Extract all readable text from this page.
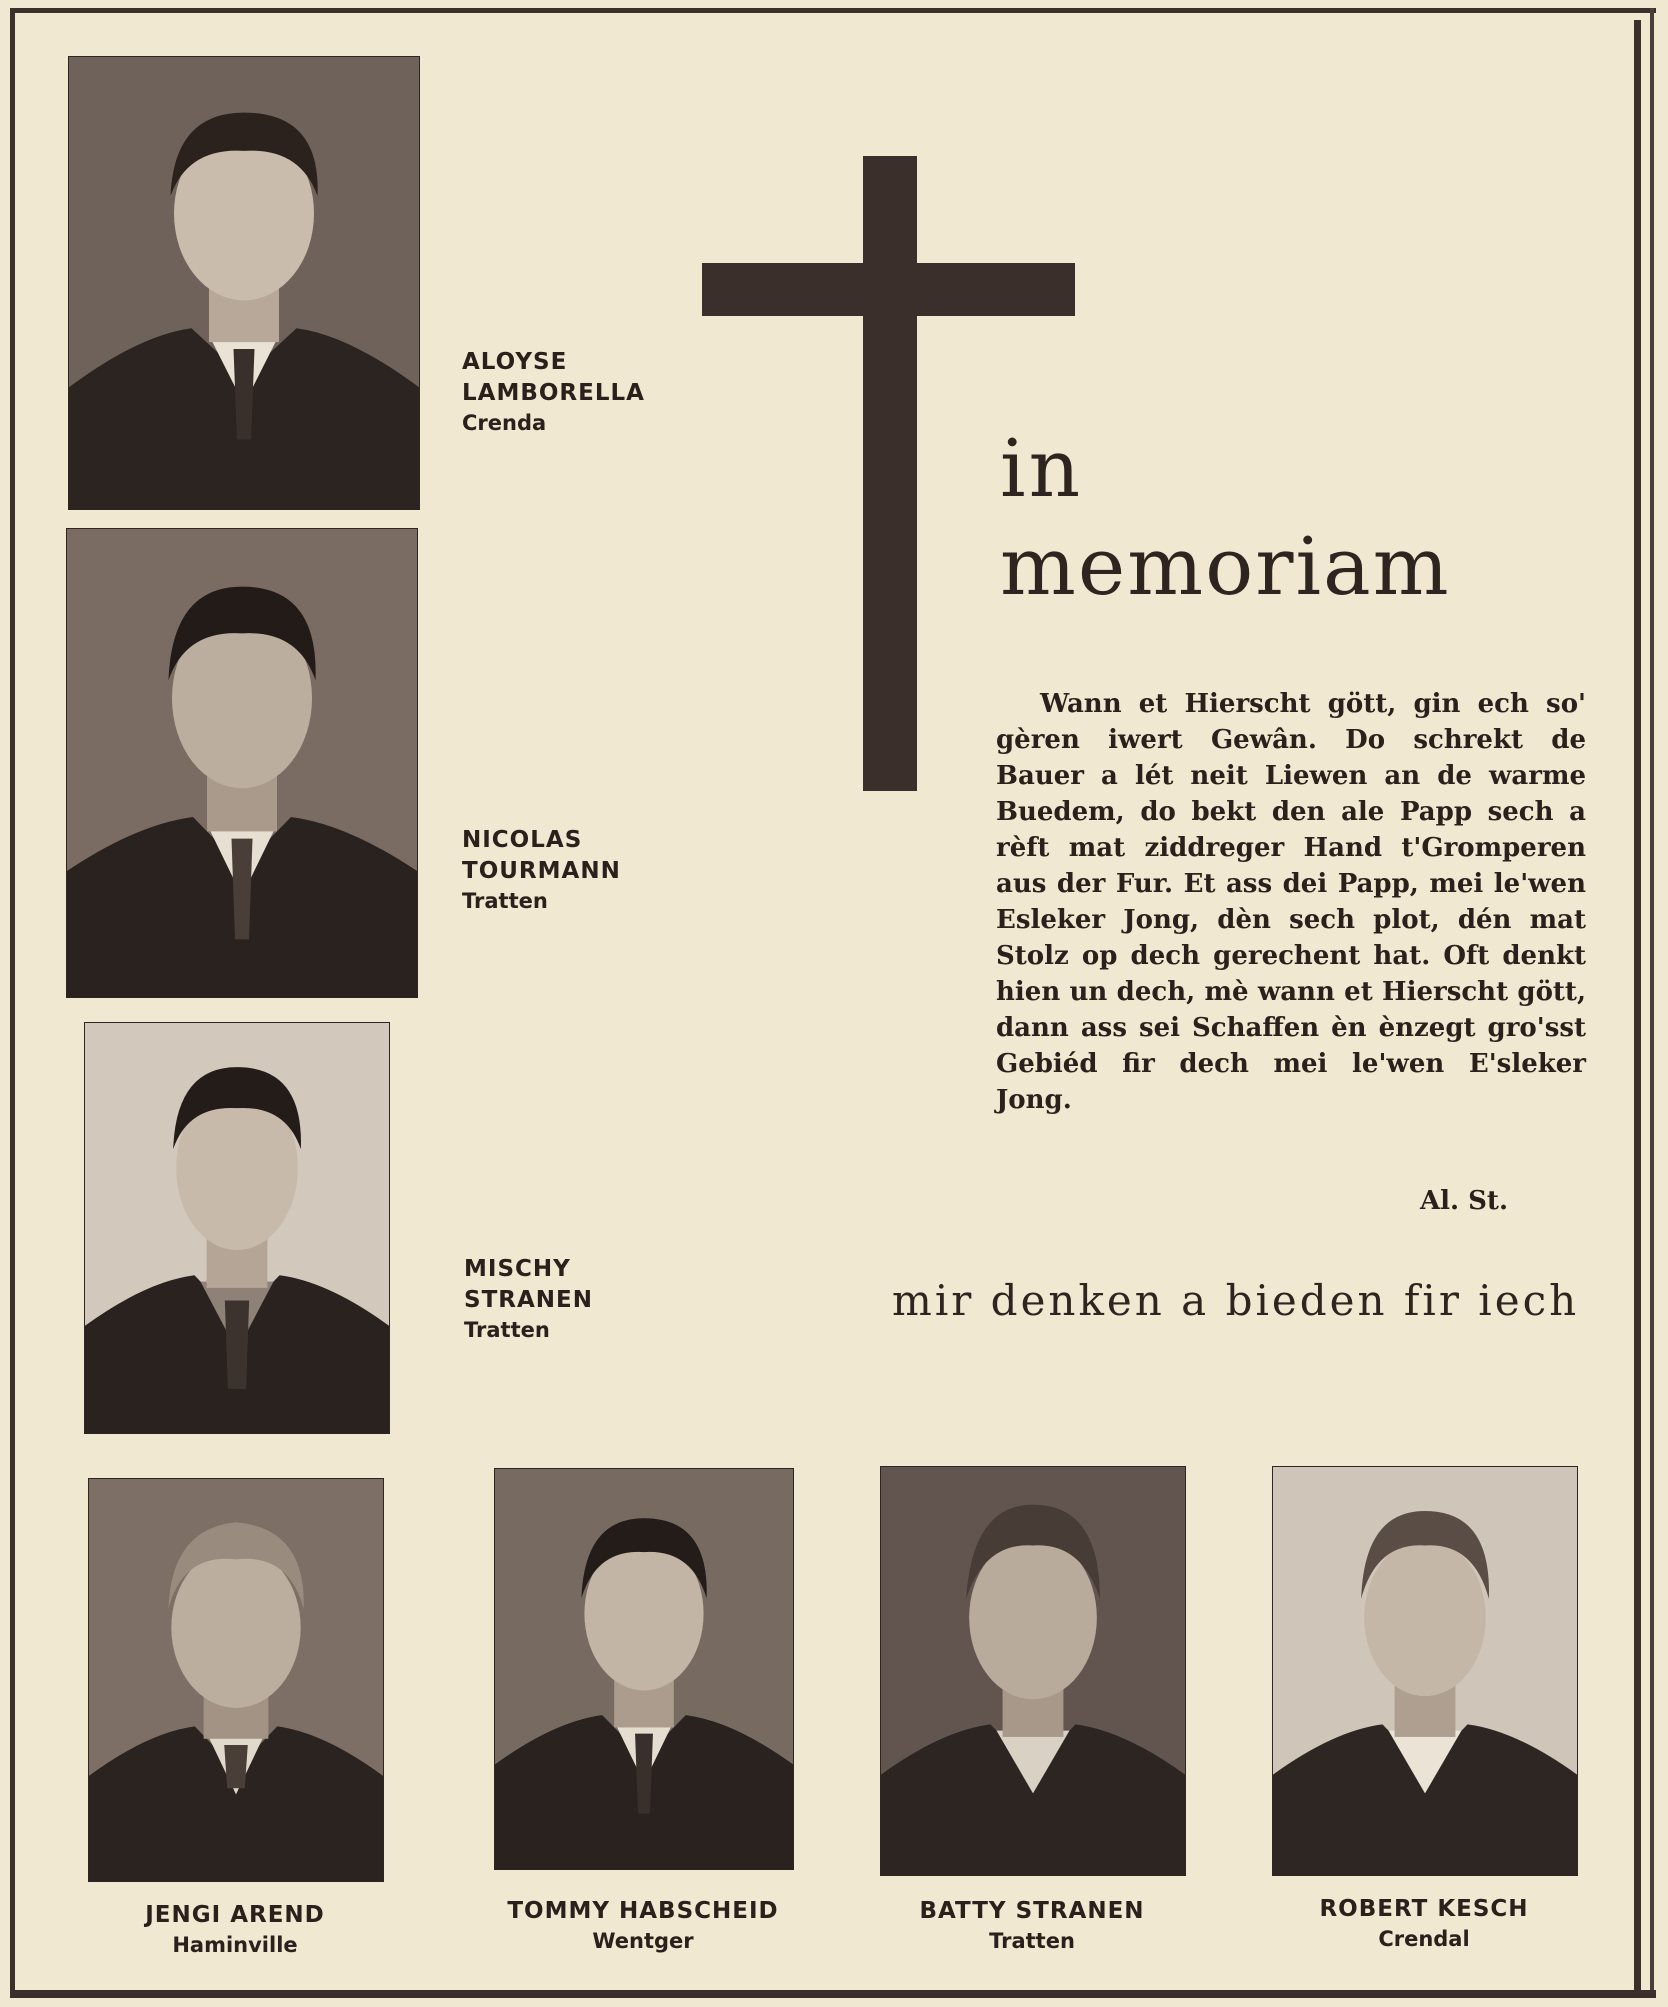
ALOYSE
LAMBORELLA
Crenda
NICOLAS
TOURMANN
Tratten
MISCHY
STRANEN
Tratten
in
memoriam
Wann et Hierscht gött, gin ech so' gèren iwert Gewân. Do schrekt de Bauer a lét neit Liewen an de warme Buedem, do bekt den ale Papp sech a rèft mat ziddreger Hand t'Gromperen aus der Fur. Et ass dei Papp, mei le'wen Esleker Jong, dèn sech plot, dén mat Stolz op dech gerechent hat. Oft denkt hien un dech, mè wann et Hierscht gött, dann ass sei Schaffen èn ènzegt gro'sst Gebiéd fir dech mei le'wen E'sleker Jong.
Al. St.
mir denken a bieden fir iech
JENGI AREND
Haminville
TOMMY HABSCHEID
Wentger
BATTY STRANEN
Tratten
ROBERT KESCH
Crendal
